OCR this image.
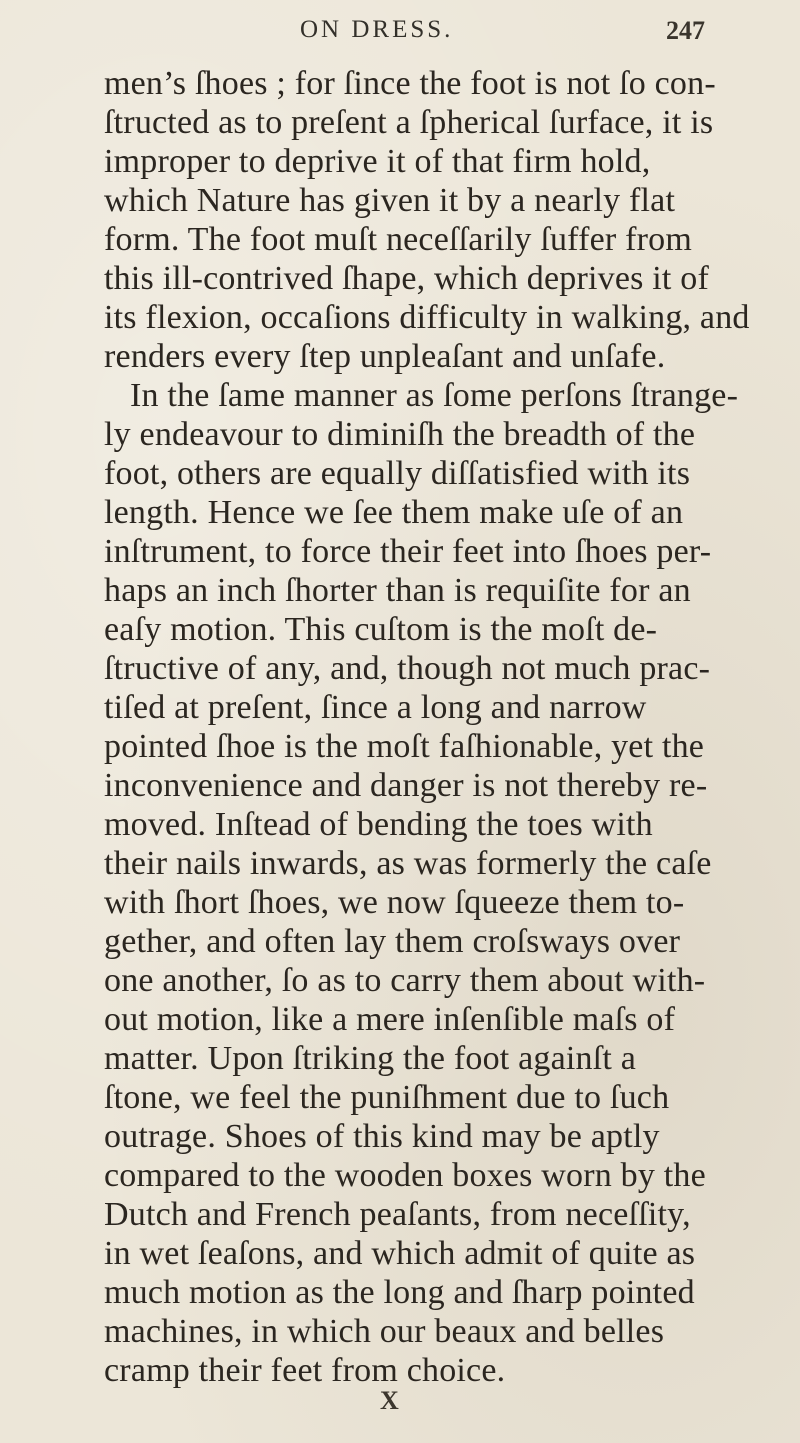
ON DRESS.	247
men’s ſhoes ; for ſince the foot is not ſo con-
ſtructed as to preſent a ſpherical ſurface, it is
improper to deprive it of that firm hold,
which Nature has given it by a nearly flat
form. The foot muſt neceſſarily ſuffer from
this ill-contrived ſhape, which deprives it of
its flexion, occaſions difficulty in walking, and
renders every ſtep unpleaſant and unſafe.
In the ſame manner as ſome perſons ſtrange-
ly endeavour to diminiſh the breadth of the
foot, others are equally diſſatisfied with its
length. Hence we ſee them make uſe of an
inſtrument, to force their feet into ſhoes per-
haps an inch ſhorter than is requiſite for an
eaſy motion. This cuſtom is the moſt de-
ſtructive of any, and, though not much prac-
tiſed at preſent, ſince a long and narrow
pointed ſhoe is the moſt faſhionable, yet the
inconvenience and danger is not thereby re-
moved. Inſtead of bending the toes with
their nails inwards, as was formerly the caſe
with ſhort ſhoes, we now ſqueeze them to-
gether, and often lay them croſsways over
one another, ſo as to carry them about with-
out motion, like a mere inſenſible maſs of
matter. Upon ſtriking the foot againſt a
ſtone, we feel the puniſhment due to ſuch
outrage. Shoes of this kind may be aptly
compared to the wooden boxes worn by the
Dutch and French peaſants, from neceſſity,
in wet ſeaſons, and which admit of quite as
much motion as the long and ſharp pointed
machines, in which our beaux and belles
cramp their feet from choice.
X
